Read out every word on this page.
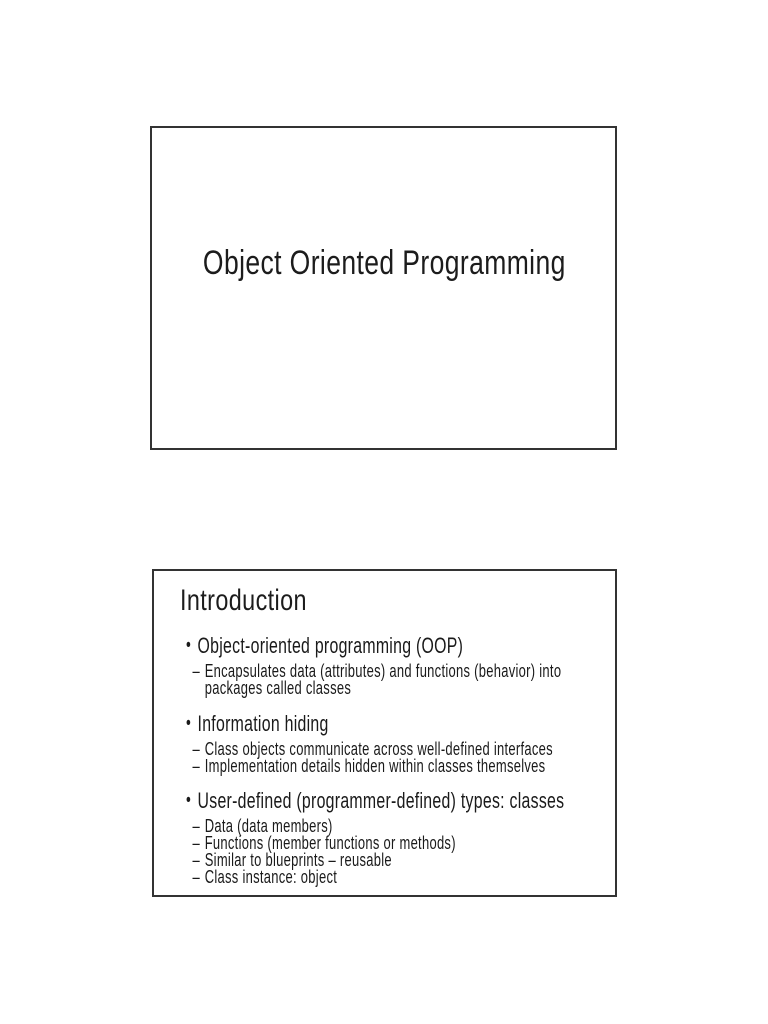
Object Oriented Programming
Introduction
• Object-oriented programming (OOP)
– Encapsulates data (attributes) and functions (behavior) into
packages called classes
• Information hiding
– Class objects communicate across well-defined interfaces
– Implementation details hidden within classes themselves
• User-defined (programmer-defined) types: classes
– Data (data members)
– Functions (member functions or methods)
– Similar to blueprints – reusable
– Class instance: object
